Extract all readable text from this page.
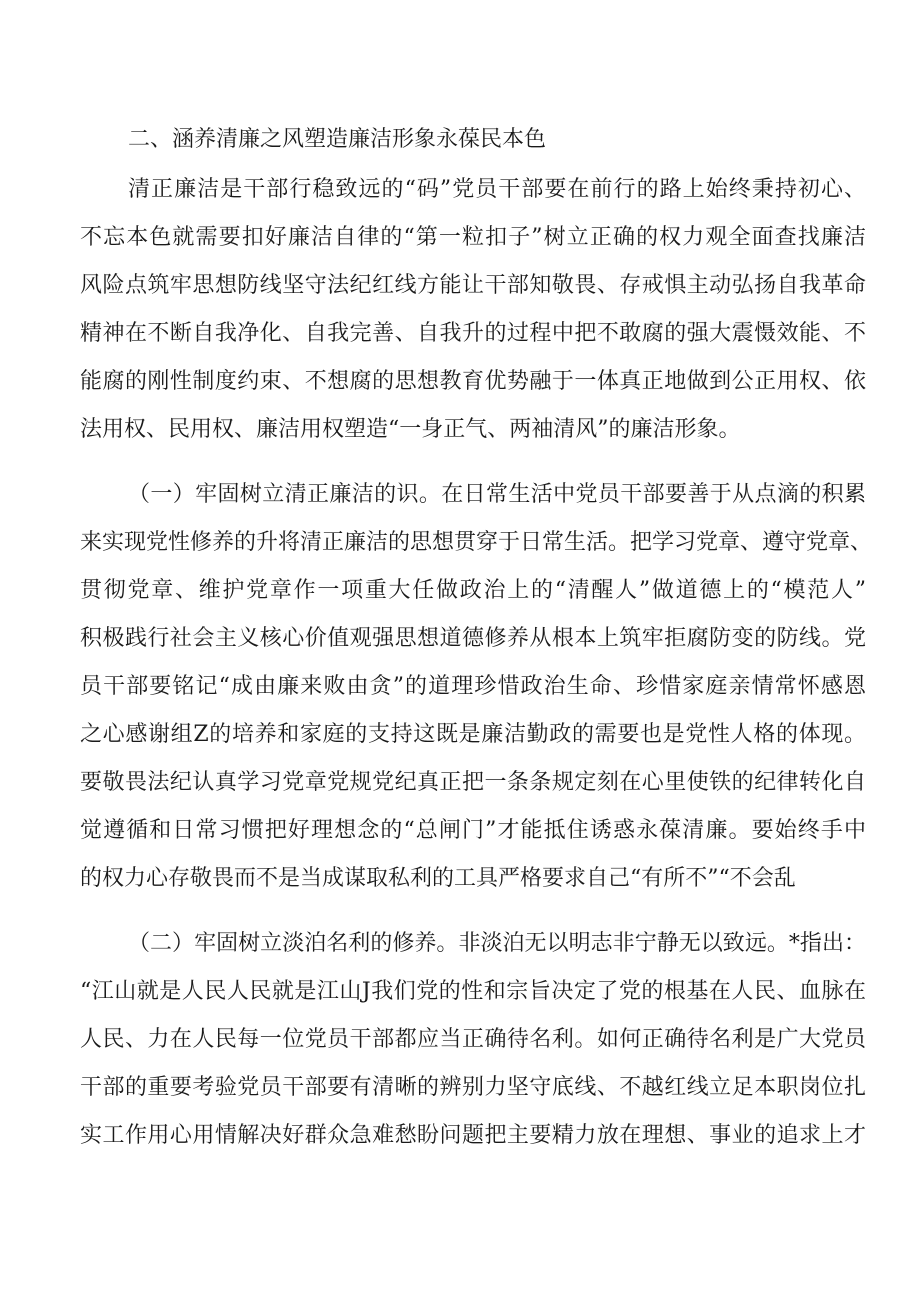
二、涵养清廉之风塑造廉洁形象永葆民本色
清正廉洁是干部行稳致远的“码”党员干部要在前行的路上始终秉持初心、
不忘本色就需要扣好廉洁自律的“第一粒扣子”树立正确的权力观全面查找廉洁
风险点筑牢思想防线坚守法纪红线方能让干部知敬畏、存戒惧主动弘扬自我革命
精神在不断自我净化、自我完善、自我升的过程中把不敢腐的强大震慑效能、不
能腐的刚性制度约束、不想腐的思想教育优势融于一体真正地做到公正用权、依
法用权、民用权、廉洁用权塑造“一身正气、两袖清风”的廉洁形象。
（一）牢固树立清正廉洁的识。在日常生活中党员干部要善于从点滴的积累
来实现党性修养的升将清正廉洁的思想贯穿于日常生活。把学习党章、遵守党章、
贯彻党章、维护党章作一项重大任做政治上的“清醒人”做道德上的“模范人”
积极践行社会主义核心价值观强思想道德修养从根本上筑牢拒腐防变的防线。党
员干部要铭记“成由廉来败由贪”的道理珍惜政治生命、珍惜家庭亲情常怀感恩
之心感谢组Z的培养和家庭的支持这既是廉洁勤政的需要也是党性人格的体现。
要敬畏法纪认真学习党章党规党纪真正把一条条规定刻在心里使铁的纪律转化自
觉遵循和日常习惯把好理想念的“总闸门”才能抵住诱惑永葆清廉。要始终手中
的权力心存敬畏而不是当成谋取私利的工具严格要求自己“有所不”“不会乱
（二）牢固树立淡泊名利的修养。非淡泊无以明志非宁静无以致远。*指出：
“江山就是人民人民就是江山J我们党的性和宗旨决定了党的根基在人民、血脉在
人民、力在人民每一位党员干部都应当正确待名利。如何正确待名利是广大党员
干部的重要考验党员干部要有清晰的辨别力坚守底线、不越红线立足本职岗位扎
实工作用心用情解决好群众急难愁盼问题把主要精力放在理想、事业的追求上才
